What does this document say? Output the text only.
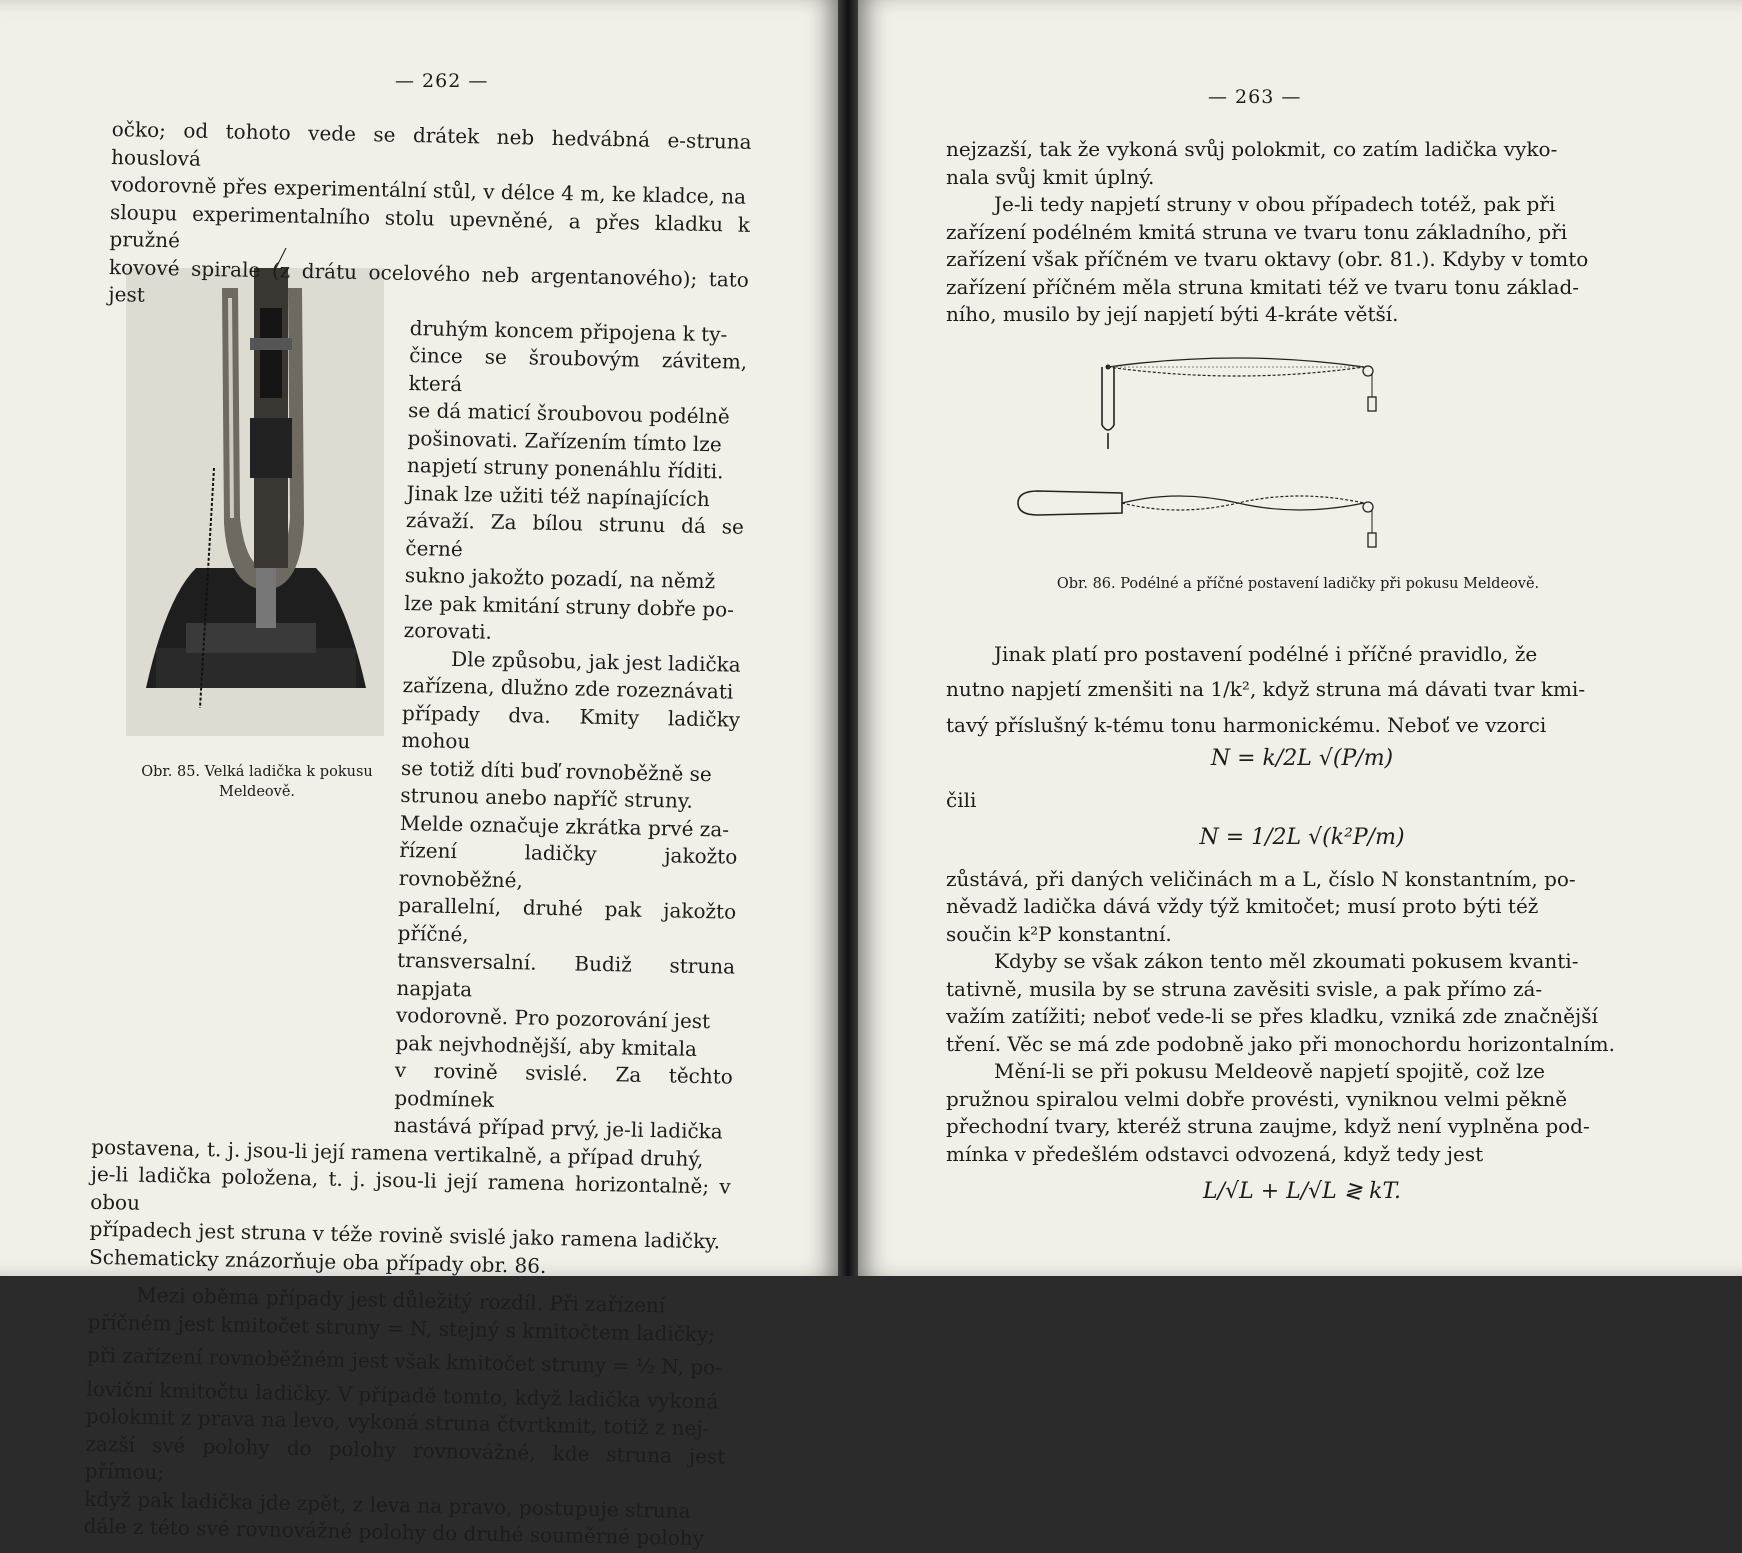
— 262 —

očko; od tohoto vede se drátek neb hedvábná e-struna houslová
vodorovně přes experimentální stůl, v délce 4 m, ke kladce, na
sloupu experimentalního stolu upevněné, a přes kladku k pružné
kovové spirale (z drátu ocelového neb argentanového); tato jest

druhým koncem připojena k ty-
čince se šroubovým závitem, která
se dá maticí šroubovou podélně
pošinovati. Zařízením tímto lze
napjetí struny ponenáhlu říditi.
Jinak lze užiti též napínajících
závaží. Za bílou strunu dá se černé
sukno jakožto pozadí, na němž
lze pak kmitání struny dobře po-
zorovati.
Dle způsobu, jak jest ladička
zařízena, dlužno zde rozeznávati
případy dva. Kmity ladičky mohou
se totiž díti buď rovnoběžně se
strunou anebo napříč struny.
Melde označuje zkrátka prvé za-
řízení ladičky jakožto rovnoběžné,
parallelní, druhé pak jakožto příčné,
transversalní. Budiž struna napjata
vodorovně. Pro pozorování jest
pak nejvhodnější, aby kmitala
v rovině svislé. Za těchto podmínek
nastává případ prvý, je-li ladička

postavena, t. j. jsou-li její ramena vertikalně, a případ druhý,
je-li ladička položena, t. j. jsou-li její ramena horizontalně; v obou
případech jest struna v téže rovině svislé jako ramena ladičky.
Schematicky znázorňuje oba případy obr. 86.

Mezi oběma případy jest důležitý rozdíl. Při zařízení
příčném jest kmitočet struny = N, stejný s kmitočtem ladičky;
při zařízení rovnoběžném jest však kmitočet struny = ½ N, po-
loviční kmitočtu ladičky. V případě tomto, když ladička vykoná
polokmit z prava na levo, vykoná struna čtvrtkmit, totiž z nej-
zazší své polohy do polohy rovnovážné, kde struna jest přímou;
když pak ladička jde zpět, z leva na pravo, postupuje struna
dále z této své rovnovážné polohy do druhé souměrné polohy

Obr. 85. Velká ladička k pokusu Meldeově.
— 263 —

nejzazší, tak že vykoná svůj polokmit, co zatím ladička vyko-
nala svůj kmit úplný.
Je-li tedy napjetí struny v obou případech totéž, pak při
zařízení podélném kmitá struna ve tvaru tonu základního, při
zařízení však příčném ve tvaru oktavy (obr. 81.). Kdyby v tomto
zařízení příčném měla struna kmitati též ve tvaru tonu základ-
ního, musilo by její napjetí býti 4-kráte větší.

Jinak platí pro postavení podélné i příčné pravidlo, že
nutno napjetí zmenšiti na 1/k², když struna má dávati tvar kmi-
tavý příslušný k-tému tonu harmonickému. Neboť ve vzorci

N = k/2L √(P/m)
čili
N = 1/2L √(k²P/m)

zůstává, při daných veličinách m a L, číslo N konstantním, po-
něvadž ladička dává vždy týž kmitočet; musí proto býti též
součin k²P konstantní.
Kdyby se však zákon tento měl zkoumati pokusem kvanti-
tativně, musila by se struna zavěsiti svisle, a pak přímo zá-
važím zatížiti; neboť vede-li se přes kladku, vzniká zde značnější
tření. Věc se má zde podobně jako při monochordu horizontalním.
Mění-li se při pokusu Meldeově napjetí spojitě, což lze
pružnou spiralou velmi dobře provésti, vyniknou velmi pěkně
přechodní tvary, kteréž struna zaujme, když není vyplněna pod-
mínka v předešlém odstavci odvozená, když tedy jest

L/√L + L/√L ≷ kT.
Obr. 86. Podélné a příčné postavení ladičky při pokusu Meldeově.
